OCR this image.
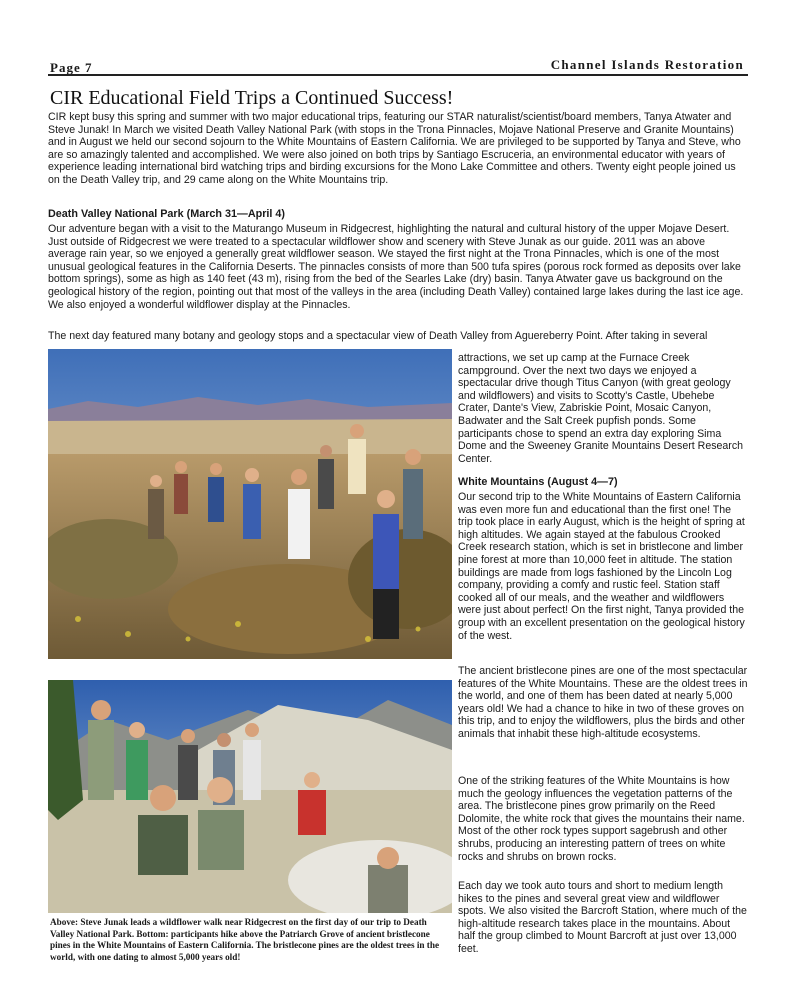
Page 7	Channel Islands Restoration
CIR Educational Field Trips a Continued Success!

CIR kept busy this spring and summer with two major educational trips, featuring our STAR naturalist/scientist/board members, Tanya Atwater and Steve Junak! In March we visited Death Valley National Park (with stops in the Trona Pinnacles, Mojave National Preserve and Granite Mountains) and in August we held our second sojourn to the White Mountains of Eastern California. We are privileged to be supported by Tanya and Steve, who are so amazingly talented and accomplished. We were also joined on both trips by Santiago Escruceria, an environmental educator with years of experience leading international bird watching trips and birding excursions for the Mono Lake Committee and others. Twenty eight people joined us on the Death Valley trip, and 29 came along on the White Mountains trip.

Death Valley National Park (March 31—April 4)

Our adventure began with a visit to the Maturango Museum in Ridgecrest, highlighting the natural and cultural history of the upper Mojave Desert. Just outside of Ridgecrest we were treated to a spectacular wildflower show and scenery with Steve Junak as our guide. 2011 was an above average rain year, so we enjoyed a generally great wildflower season. We stayed the first night at the Trona Pinnacles, which is one of the most unusual geological features in the California Deserts. The pinnacles consists of more than 500 tufa spires (porous rock formed as deposits over lake bottom springs), some as high as 140 feet (43 m), rising from the bed of the Searles Lake (dry) basin. Tanya Atwater gave us background on the geological history of the region, pointing out that most of the valleys in the area (including Death Valley) contained large lakes during the last ice age. We also enjoyed a wonderful wildflower display at the Pinnacles.

The next day featured many botany and geology stops and a spectacular view of Death Valley from Aguereberry Point. After taking in several

attractions, we set up camp at the Furnace Creek campground. Over the next two days we enjoyed a spectacular drive though Titus Canyon (with great geology and wildflowers) and visits to Scotty's Castle, Ubehebe Crater, Dante's View, Zabriskie Point, Mosaic Canyon, Badwater and the Salt Creek pupfish ponds. Some participants chose to spend an extra day exploring Sima Dome and the Sweeney Granite Mountains Desert Research Center.

White Mountains (August 4—7)

Our second trip to the White Mountains of Eastern California was even more fun and educational than the first one! The trip took place in early August, which is the height of spring at high altitudes. We again stayed at the fabulous Crooked Creek research station, which is set in bristlecone and limber pine forest at more than 10,000 feet in altitude. The station buildings are made from logs fashioned by the Lincoln Log company, providing a comfy and rustic feel. Station staff cooked all of our meals, and the weather and wildflowers were just about perfect! On the first night, Tanya provided the group with an excellent presentation on the geological history of the west.

The ancient bristlecone pines are one of the most spectacular features of the White Mountains. These are the oldest trees in the world, and one of them has been dated at nearly 5,000 years old! We had a chance to hike in two of these groves on this trip, and to enjoy the wildflowers, plus the birds and other animals that inhabit these high-altitude ecosystems.

One of the striking features of the White Mountains is how much the geology influences the vegetation patterns of the area. The bristlecone pines grow primarily on the Reed Dolomite, the white rock that gives the mountains their name. Most of the other rock types support sagebrush and other shrubs, producing an interesting pattern of trees on white rocks and shrubs on brown rocks.

Each day we took auto tours and short to medium length hikes to the pines and several great view and wildflower spots. We also visited the Barcroft Station, where much of the high-altitude research takes place in the mountains. About half the group climbed to Mount Barcroft at just over 13,000 feet.

Above: Steve Junak leads a wildflower walk near Ridgecrest on the first day of our trip to Death Valley National Park. Bottom: participants hike above the Patriarch Grove of ancient bristlecone pines in the White Mountains of Eastern California. The bristlecone pines are the oldest trees in the world, with one dating to almost 5,000 years old!
